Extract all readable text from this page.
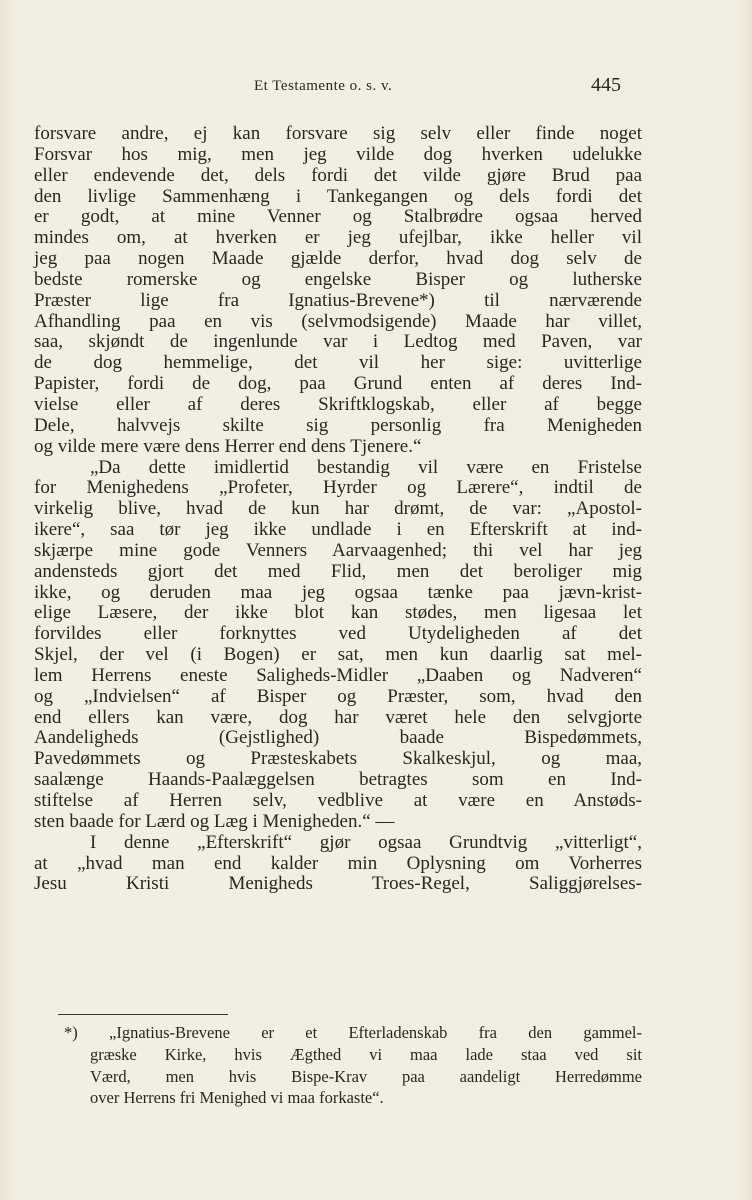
Et Testamente o. s. v.	445
forsvare andre, ej kan forsvare sig selv eller finde noget
Forsvar hos mig, men jeg vilde dog hverken udelukke
eller endevende det, dels fordi det vilde gjøre Brud paa
den livlige Sammenhæng i Tankegangen og dels fordi det
er godt, at mine Venner og Stalbrødre ogsaa herved
mindes om, at hverken er jeg ufejlbar, ikke heller vil
jeg paa nogen Maade gjælde derfor, hvad dog selv de
bedste romerske og engelske Bisper og lutherske
Præster lige fra Ignatius-Brevene*) til nærværende
Afhandling paa en vis (selvmodsigende) Maade har villet,
saa, skjøndt de ingenlunde var i Ledtog med Paven, var
de dog hemmelige, det vil her sige: uvitterlige
Papister, fordi de dog, paa Grund enten af deres Ind-
vielse eller af deres Skriftklogskab, eller af begge
Dele, halvvejs skilte sig personlig fra Menigheden
og vilde mere være dens Herrer end dens Tjenere.“
„Da dette imidlertid bestandig vil være en Fristelse
for Menighedens „Profeter, Hyrder og Lærere“, indtil de
virkelig blive, hvad de kun har drømt, de var: „Apostol-
ikere“, saa tør jeg ikke undlade i en Efterskrift at ind-
skjærpe mine gode Venners Aarvaagenhed; thi vel har jeg
andensteds gjort det med Flid, men det beroliger mig
ikke, og deruden maa jeg ogsaa tænke paa jævn-krist-
elige Læsere, der ikke blot kan stødes, men ligesaa let
forvildes eller forknyttes ved Utydeligheden af det
Skjel, der vel (i Bogen) er sat, men kun daarlig sat mel-
lem Herrens eneste Saligheds-Midler „Daaben og Nadveren“
og „Indvielsen“ af Bisper og Præster, som, hvad den
end ellers kan være, dog har været hele den selvgjorte
Aandeligheds (Gejstlighed) baade Bispedømmets,
Pavedømmets og Præsteskabets Skalkeskjul, og maa,
saalænge Haands-Paalæggelsen betragtes som en Ind-
stiftelse af Herren selv, vedblive at være en Anstøds-
sten baade for Lærd og Læg i Menigheden.“ —
I denne „Efterskrift“ gjør ogsaa Grundtvig „vitterligt“,
at „hvad man end kalder min Oplysning om Vorherres
Jesu Kristi Menigheds Troes-Regel, Saliggjørelses-
*) „Ignatius-Brevene er et Efterladenskab fra den gammel-
græske Kirke, hvis Ægthed vi maa lade staa ved sit
Værd, men hvis Bispe-Krav paa aandeligt Herredømme
over Herrens fri Menighed vi maa forkaste“.
